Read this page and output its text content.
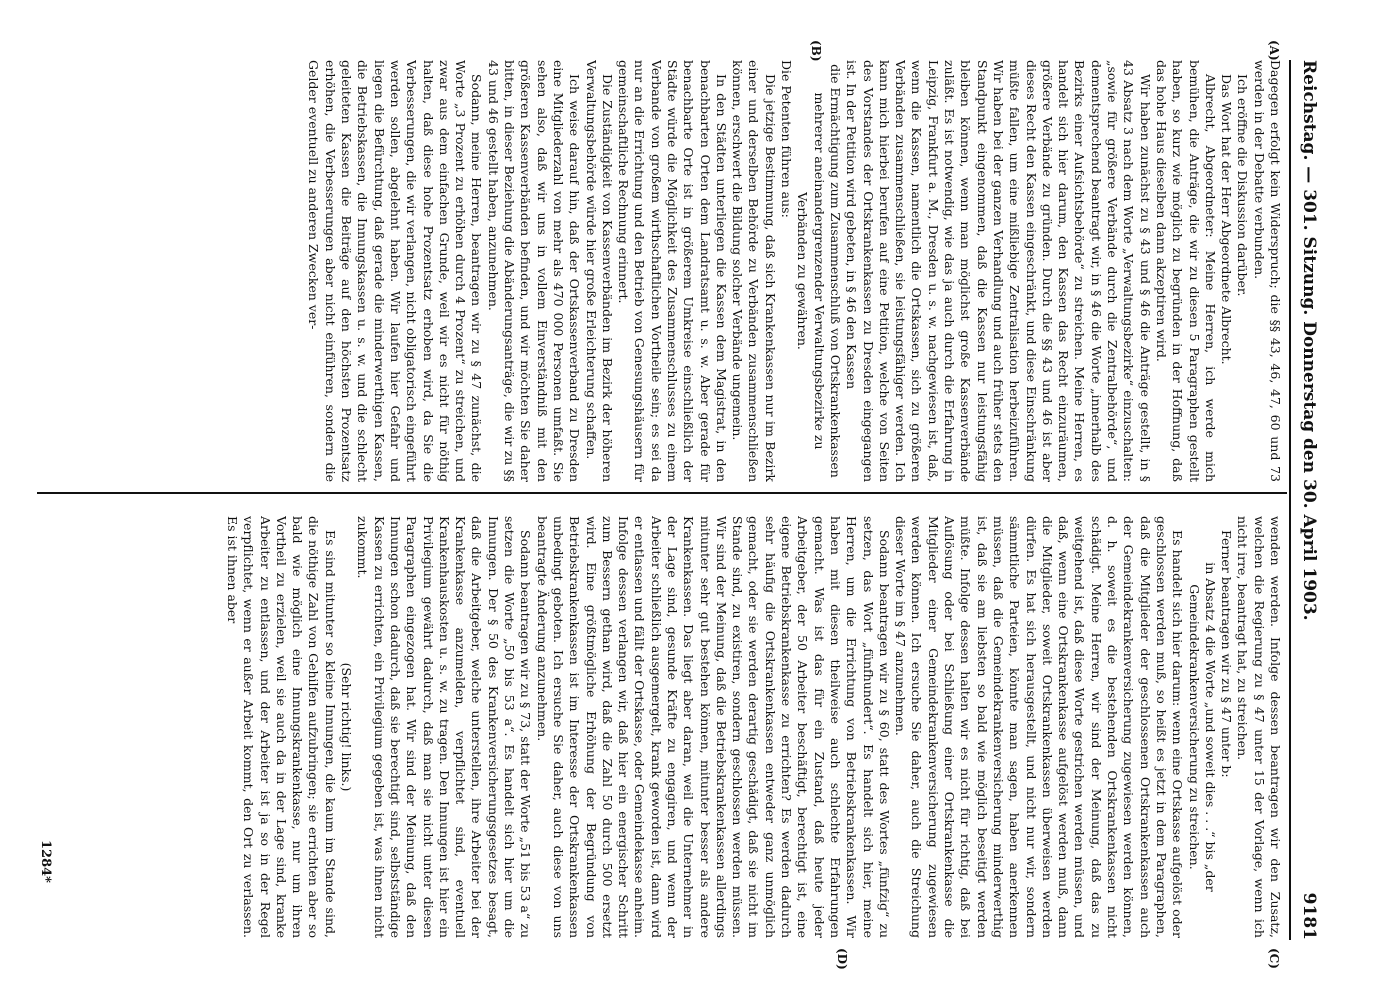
Reichstag. — 301. Sitzung. Donnerstag den 30. April 1903.
9181
(A)
(B)
(C)
(D)

Dagegen erfolgt kein Widerspruch; die §§ 43, 46, 47, 60 und 73 werden in der Debatte verbunden.

Ich eröffne die Diskussion darüber.

Das Wort hat der Herr Abgeordnete Albrecht.

Albrecht, Abgeordneter: Meine Herren, ich werde mich bemühen, die Anträge, die wir zu diesen 5 Paragraphen gestellt haben, so kurz wie möglich zu begründen in der Hoffnung, daß das hohe Haus dieselben dann akzeptiren wird.

Wir haben zunächst zu § 43 und § 46 die Anträge gestellt, in § 43 Absatz 3 nach dem Worte „Verwaltungsbezirke“ einzuschalten: „sowie für größere Verbände durch die Zentralbehörde“, und dementsprechend beantragt wir, in § 46 die Worte „innerhalb des Bezirks einer Aufsichtsbehörde“ zu streichen. Meine Herren, es handelt sich hier darum, den Kassen das Recht einzuräumen, größere Verbände zu gründen. Durch die §§ 43 und 46 ist aber dieses Recht den Kassen eingeschränkt, und diese Einschränkung müßte fallen, um eine mißliebige Zentralisation herbeizuführen. Wir haben bei der ganzen Verhandlung und auch früher stets den Standpunkt eingenommen, daß die Kassen nur leistungsfähig bleiben können, wenn man möglichst große Kassenverbände zuläßt. Es ist notwendig, wie das ja auch durch die Erfahrung in Leipzig, Frankfurt a. M., Dresden u. s. w. nachgewiesen ist, daß, wenn die Kassen, namentlich die Ortskassen, sich zu größeren Verbänden zusammenschließen, sie leistungsfähiger werden. Ich kann mich hierbei berufen auf eine Petition, welche von Seiten des Vorstandes der Ortskrankenkassen zu Dresden eingegangen ist. In der Petition wird gebeten, in § 46 den Kassen

die Ermächtigung zum Zusammenschluß von Ortskrankenkassen mehrerer aneinandergrenzender Verwaltungsbezirke zu Verbänden zu gewähren.

Die Petenten führen aus:

Die jetzige Bestimmung, daß sich Krankenkassen nur im Bezirk einer und derselben Behörde zu Verbänden zusammenschließen können, erschwert die Bildung solcher Verbände ungemein.

In den Städten unterliegen die Kassen dem Magistrat, in den benachbarten Orten dem Landratsamt u. s. w. Aber gerade für benachbarte Orte ist in größerem Umkreise einschließlich der Städte würde die Möglichkeit des Zusammenschlusses zu einem Verbande von großem wirthschaftlichen Vortheile sein; es sei da nur an die Errichtung und den Betrieb von Genesungshäusern für gemeinschaftliche Rechnung erinnert.

Die Zuständigkeit von Kassenverbänden im Bezirk der höheren Verwaltungsbehörde würde hier große Erleichterung schaffen.

Ich weise darauf hin, daß der Ortskassenverband zu Dresden eine Mitgliederzahl von mehr als 470 000 Personen umfaßt. Sie sehen also, daß wir uns in vollem Einverständniß mit den größeren Kassenverbänden befinden, und wir möchten Sie daher bitten, in dieser Beziehung die Abänderungsanträge, die wir zu §§ 43 und 46 gestellt haben, anzunehmen.

Sodann, meine Herren, beantragen wir zu § 47 zunächst, die Worte „3 Prozent zu erhöhen durch 4 Prozent“ zu streichen, und zwar aus dem einfachen Grunde, weil wir es nicht für nöthig halten, daß diese hohe Prozentsatz erhoben wird, da Sie die Verbesserungen, die wir verlangen, nicht obligatorisch eingeführt werden sollen, abgelehnt haben. Wir laufen hier Gefahr und liegen die Befürchtung, daß gerade die minderwerthigen Kassen, die Betriebskassen, die Innungskassen u. s. w. und die schlecht geleiteten Kassen die Beiträge auf den höchsten Prozentsatz erhöhen, die Verbesserungen aber nicht einführen, sondern die Gelder eventuell zu anderen Zwecken ver-

wenden werden. Infolge dessen beantragen wir den Zusatz, welchen die Regierung zu § 47 unter 15 der Vorlage, wenn ich nicht irre, beantragt hat, zu streichen.

Ferner beantragen wir zu § 47 unter b:

in Absatz 4 die Worte „und soweit dies . . .“ bis „der Gemeindekrankenversicherung zu streichen.

Es handelt sich hier darum: wenn eine Ortskasse aufgelöst oder geschlossen werden muß, so heißt es jetzt in dem Paragraphen, daß die Mitglieder der geschlossenen Ortskrankenkassen auch der Gemeindekrankenversicherung zugewiesen werden können, d. h. soweit es die bestehenden Ortskrankenkassen nicht schädigt. Meine Herren, wir sind der Meinung, daß das zu weitgehend ist, daß diese Worte gestrichen werden müssen, und daß, wenn eine Ortskrankenkasse aufgelöst werden muß, dann die Mitglieder, soweit Ortskrankenkassen überweisen werden dürfen. Es hat sich herausgestellt, und nicht nur wir, sondern sämmtliche Parteien, könnte man sagen, haben anerkennen müssen, daß die Gemeindekrankenversicherung minderwerthig ist, daß sie am liebsten so bald wie möglich beseitigt werden müßte. Infolge dessen halten wir es nicht für richtig, daß bei Auflösung oder bei Schließung einer Ortskrankenkasse die Mitglieder einer Gemeindekrankenversicherung zugewiesen werden können. Ich ersuche Sie daher, auch die Streichung dieser Worte im § 47 anzunehmen.

Sodann beantragen wir zu § 60, statt des Wortes „fünfzig“ zu setzen, das Wort „fünfhundert“. Es handelt sich hier, meine Herren, um die Errichtung von Betriebskrankenkassen. Wir haben mit diesen theilweise auch schlechte Erfahrungen gemacht. Was ist das für ein Zustand, daß heute jeder Arbeitgeber, der 50 Arbeiter beschäftigt, berechtigt ist, eine eigene Betriebskrankenkasse zu errichten? Es werden dadurch sehr häufig die Ortskrankenkassen entweder ganz unmöglich gemacht, oder sie werden derartig geschädigt, daß sie nicht im Stande sind, zu existiren, sondern geschlossen werden müssen. Wir sind der Meinung, daß die Betriebskrankenkassen allerdings mitunter sehr gut bestehen können, mitunter besser als andere Krankenkassen. Das liegt aber daran, weil die Unternehmer in der Lage sind, gesunde Kräfte zu engagiren, und wenn der Arbeiter schließlich ausgemergelt, krank geworden ist, dann wird er entlassen und fällt der Ortskasse, oder Gemeindekasse anheim. Infolge dessen verlangen wir, daß hier ein energischer Schritt zum Bessern gethan wird, daß die Zahl 50 durch 500 ersetzt wird. Eine größtmögliche Erhöhung der Begründung von Betriebskrankenkassen ist im Interesse der Ortskrankenkassen unbedingt geboten. Ich ersuche Sie daher, auch diese von uns beantragte Änderung anzunehmen.

Sodann beantragen wir zu § 73, statt der Worte „51 bis 53 a“ zu setzen die Worte „50 bis 53 a“. Es handelt sich hier um die Innungen. Der § 50 des Krankenversicherungsgesetzes besagt, daß die Arbeitgeber, welche unterstellen, ihre Arbeiter bei der Krankenkasse anzumelden, verpflichtet sind, eventuell Krankenhauskosten u. s. w. zu tragen. Den Innungen ist hier ein Privilegium gewährt dadurch, daß man sie nicht unter diesen Paragraphen eingezogen hat. Wir sind der Meinung, daß den Innungen schon dadurch, daß sie berechtigt sind, selbstständige Kassen zu errichten, ein Privilegium gegeben ist, was ihnen nicht zukommt.

(Sehr richtig! links.)

Es sind mitunter so kleine Innungen, die kaum im Stande sind, die nöthige Zahl von Gehilfen aufzubringen; sie errichten aber so bald wie möglich eine Innungskrankenkasse, nur um ihren Vortheil zu erzielen, weil sie auch da in der Lage sind, kranke Arbeiter zu entlassen, und der Arbeiter ist ja so in der Regel verpflichtet, wenn er außer Arbeit kommt, den Ort zu verlassen. Es ist ihnen aber

1284*
